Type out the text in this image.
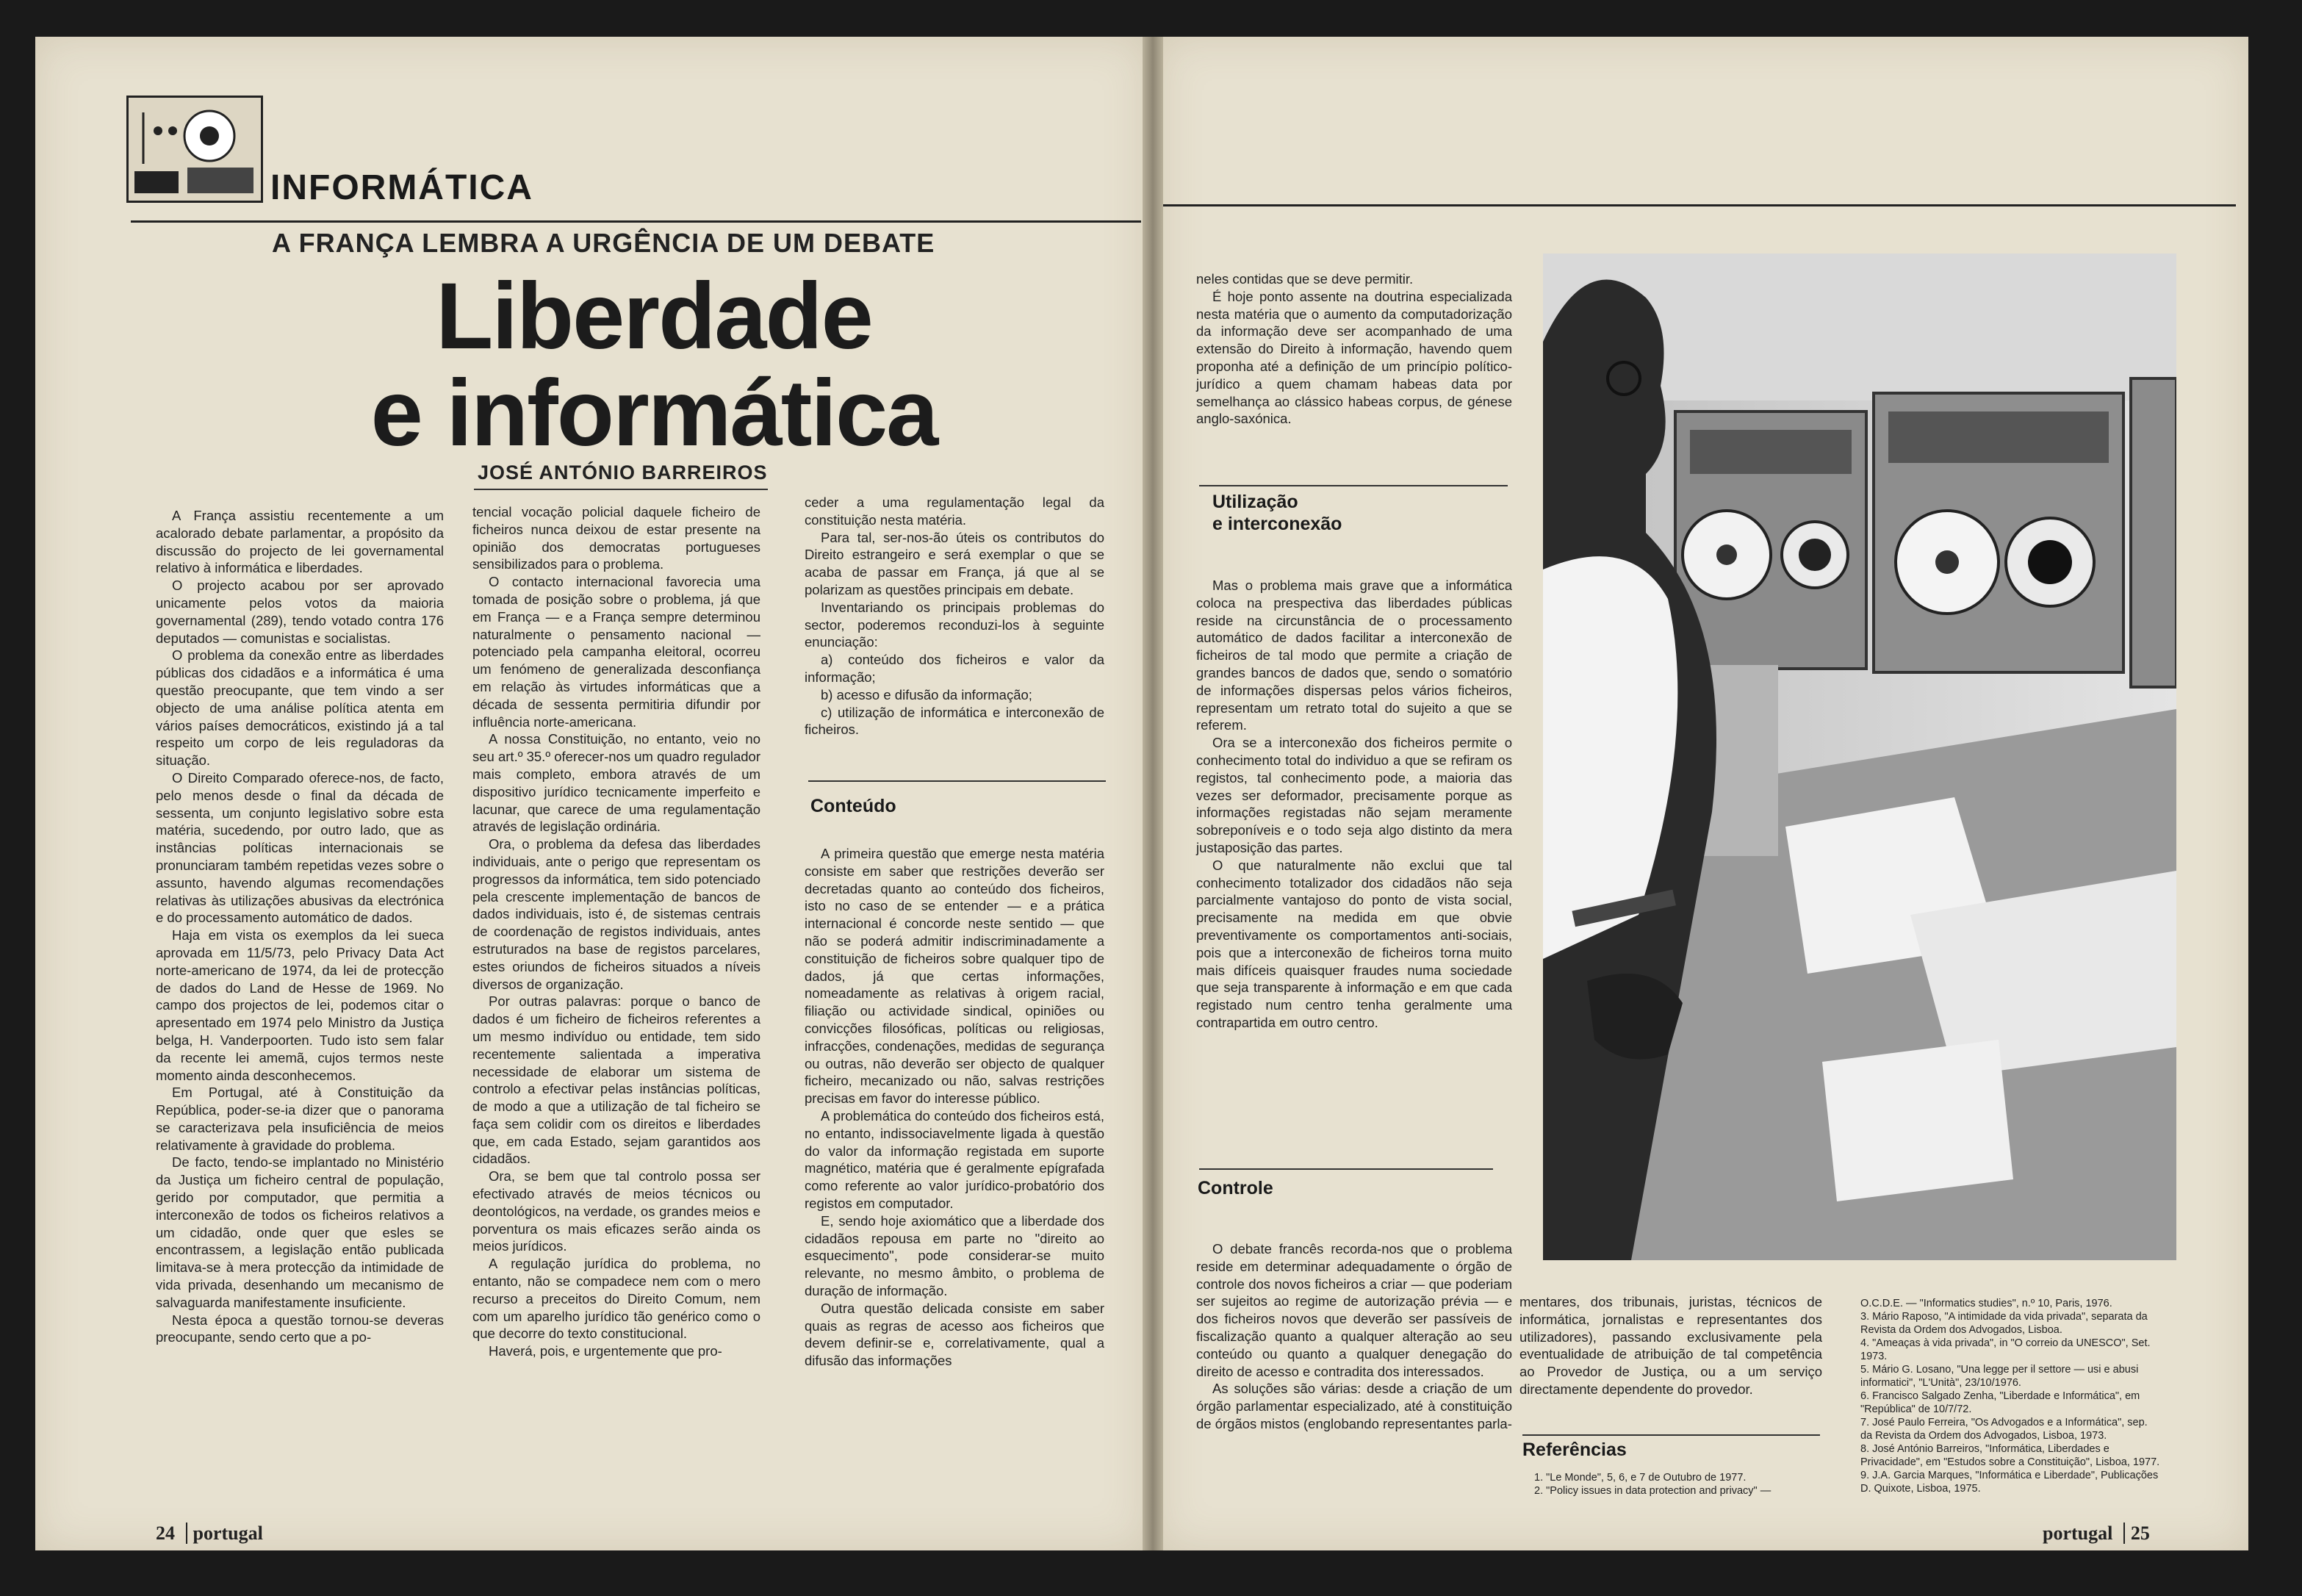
INFORMÁTICA
A FRANÇA LEMBRA A URGÊNCIA DE UM DEBATE
Liberdade
e informática
JOSÉ ANTÓNIO BARREIROS

A França assistiu recentemente a um acalorado debate parlamentar, a propósito da discussão do projecto de lei governamental relativo à informática e liberdades.

O projecto acabou por ser aprovado unicamente pelos votos da maioria governamental (289), tendo votado contra 176 deputados — comunistas e socialistas.

O problema da conexão entre as liberdades públicas dos cidadãos e a informática é uma questão preocupante, que tem vindo a ser objecto de uma análise política atenta em vários países democráticos, existindo já a tal respeito um corpo de leis reguladoras da situação.

O Direito Comparado oferece-nos, de facto, pelo menos desde o final da década de sessenta, um conjunto legislativo sobre esta matéria, sucedendo, por outro lado, que as instâncias políticas internacionais se pronunciaram também repetidas vezes sobre o assunto, havendo algumas recomendações relativas às utilizações abusivas da electrónica e do processamento automático de dados.

Haja em vista os exemplos da lei sueca aprovada em 11/5/73, pelo Privacy Data Act norte-americano de 1974, da lei de protecção de dados do Land de Hesse de 1969. No campo dos projectos de lei, podemos citar o apresentado em 1974 pelo Ministro da Justiça belga, H. Vanderpoorten. Tudo isto sem falar da recente lei amemã, cujos termos neste momento ainda desconhecemos.

Em Portugal, até à Constituição da República, poder-se-ia dizer que o panorama se caracterizava pela insuficiência de meios relativamente à gravidade do problema.

De facto, tendo-se implantado no Ministério da Justiça um ficheiro central de população, gerido por computador, que permitia a interconexão de todos os ficheiros relativos a um cidadão, onde quer que esles se encontrassem, a legislação então publicada limitava-se à mera protecção da intimidade de vida privada, desenhando um mecanismo de salvaguarda manifestamente insuficiente.

Nesta época a questão tornou-se deveras preocupante, sendo certo que a po-

tencial vocação policial daquele ficheiro de ficheiros nunca deixou de estar presente na opinião dos democratas portugueses sensibilizados para o problema.

O contacto internacional favorecia uma tomada de posição sobre o problema, já que em França — e a França sempre determinou naturalmente o pensamento nacional — potenciado pela campanha eleitoral, ocorreu um fenómeno de generalizada desconfiança em relação às virtudes informáticas que a década de sessenta permitiria difundir por influência norte-americana.

A nossa Constituição, no entanto, veio no seu art.º 35.º oferecer-nos um quadro regulador mais completo, embora através de um dispositivo jurídico tecnicamente imperfeito e lacunar, que carece de uma regulamentação através de legislação ordinária.

Ora, o problema da defesa das liberdades individuais, ante o perigo que representam os progressos da informática, tem sido potenciado pela crescente implementação de bancos de dados individuais, isto é, de sistemas centrais de coordenação de registos individuais, antes estruturados na base de registos parcelares, estes oriundos de ficheiros situados a níveis diversos de organização.

Por outras palavras: porque o banco de dados é um ficheiro de ficheiros referentes a um mesmo indivíduo ou entidade, tem sido recentemente salientada a imperativa necessidade de elaborar um sistema de controlo a efectivar pelas instâncias políticas, de modo a que a utilização de tal ficheiro se faça sem colidir com os direitos e liberdades que, em cada Estado, sejam garantidos aos cidadãos.

Ora, se bem que tal controlo possa ser efectivado através de meios técnicos ou deontológicos, na verdade, os grandes meios e porventura os mais eficazes serão ainda os meios jurídicos.

A regulação jurídica do problema, no entanto, não se compadece nem com o mero recurso a preceitos do Direito Comum, nem com um aparelho jurídico tão genérico como o que decorre do texto constitucional.

Haverá, pois, e urgentemente que pro-

ceder a uma regulamentação legal da constituição nesta matéria.

Para tal, ser-nos-ão úteis os contributos do Direito estrangeiro e será exemplar o que se acaba de passar em França, já que al se polarizam as questões principais em debate.

Inventariando os principais problemas do sector, poderemos reconduzi-los à seguinte enunciação:

a) conteúdo dos ficheiros e valor da informação;

b) acesso e difusão da informação;

c) utilização de informática e interconexão de ficheiros.

Conteúdo

A primeira questão que emerge nesta matéria consiste em saber que restrições deverão ser decretadas quanto ao conteúdo dos ficheiros, isto no caso de se entender — e a prática internacional é concorde neste sentido — que não se poderá admitir indiscriminadamente a constituição de ficheiros sobre qualquer tipo de dados, já que certas informações, nomeadamente as relativas à origem racial, filiação ou actividade sindical, opiniões ou convicções filosóficas, políticas ou religiosas, infracções, condenações, medidas de segurança ou outras, não deverão ser objecto de qualquer ficheiro, mecanizado ou não, salvas restrições precisas em favor do interesse público.

A problemática do conteúdo dos ficheiros está, no entanto, indissociavelmente ligada à questão do valor da informação registada em suporte magnético, matéria que é geralmente epígrafada como referente ao valor jurídico-probatório dos registos em computador.

E, sendo hoje axiomático que a liberdade dos cidadãos repousa em parte no "direito ao esquecimento", pode considerar-se muito relevante, no mesmo âmbito, o problema de duração de informação.

Outra questão delicada consiste em saber quais as regras de acesso aos ficheiros que devem definir-se e, correlativamente, qual a difusão das informações

neles contidas que se deve permitir.

É hoje ponto assente na doutrina especializada nesta matéria que o aumento da computadorização da informação deve ser acompanhado de uma extensão do Direito à informação, havendo quem proponha até a definição de um princípio político-jurídico a quem chamam habeas data por semelhança ao clássico habeas corpus, de génese anglo-saxónica.

Utilização
e interconexão

Mas o problema mais grave que a informática coloca na prespectiva das liberdades públicas reside na circunstância de o processamento automático de dados facilitar a interconexão de ficheiros de tal modo que permite a criação de grandes bancos de dados que, sendo o somatório de informações dispersas pelos vários ficheiros, representam um retrato total do sujeito a que se referem.

Ora se a interconexão dos ficheiros permite o conhecimento total do individuo a que se refiram os registos, tal conhecimento pode, a maioria das vezes ser deformador, precisamente porque as informações registadas não sejam meramente sobreponíveis e o todo seja algo distinto da mera justaposição das partes.

O que naturalmente não exclui que tal conhecimento totalizador dos cidadãos não seja parcialmente vantajoso do ponto de vista social, precisamente na medida em que obvie preventivamente os comportamentos anti-sociais, pois que a interconexão de ficheiros torna muito mais difíceis quaisquer fraudes numa sociedade que seja transparente à informação e em que cada registado num centro tenha geralmente uma contrapartida em outro centro.

Controle

O debate francês recorda-nos que o problema reside em determinar adequadamente o órgão de controle dos novos ficheiros a criar — que poderiam ser sujeitos ao regime de autorização prévia — e dos ficheiros novos que deverão ser passíveis de fiscalização quanto a qualquer alteração ao seu conteúdo ou quanto a qualquer denegação do direito de acesso e contradita dos interessados.

As soluções são várias: desde a criação de um órgão parlamentar especializado, até à constituição de órgãos mistos (englobando representantes parla-

mentares, dos tribunais, juristas, técnicos de informática, jornalistas e representantes dos utilizadores), passando exclusivamente pela eventualidade de atribuição de tal competência ao Provedor de Justiça, ou a um serviço directamente dependente do provedor.

Referências

1. "Le Monde", 5, 6, e 7 de Outubro de 1977.

2. "Policy issues in data protection and privacy" —

O.C.D.E. — "Informatics studies", n.º 10, Paris, 1976.

3. Mário Raposo, "A intimidade da vida privada", separata da Revista da Ordem dos Advogados, Lisboa.

4. "Ameaças à vida privada", in "O correio da UNESCO", Set. 1973.

5. Mário G. Losano, "Una legge per il settore — usi e abusi informatici", "L'Unità", 23/10/1976.

6. Francisco Salgado Zenha, "Liberdade e Informática", em "República" de 10/7/72.

7. José Paulo Ferreira, "Os Advogados e a Informática", sep. da Revista da Ordem dos Advogados, Lisboa, 1973.

8. José António Barreiros, "Informática, Liberdades e Privacidade", em "Estudos sobre a Constituição", Lisboa, 1977.

9. J.A. Garcia Marques, "Informática e Liberdade", Publicações D. Quixote, Lisboa, 1975.

24 portugal	portugal 25
